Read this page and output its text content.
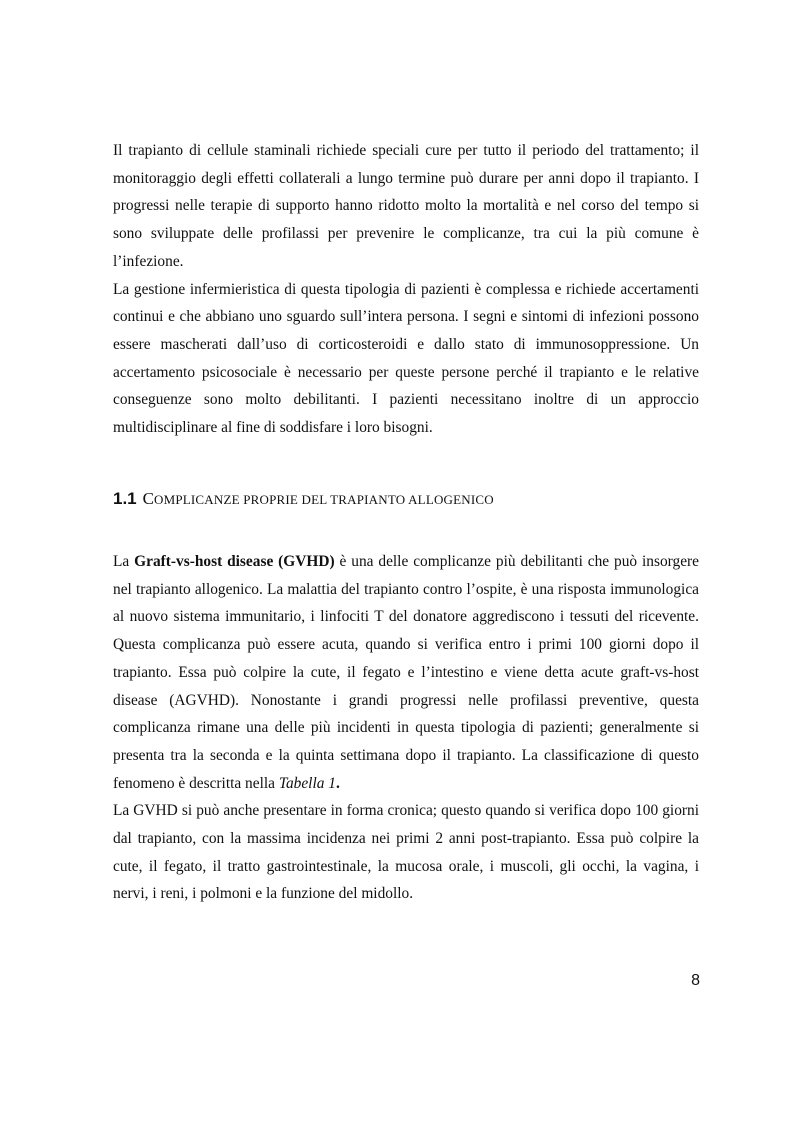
Il trapianto di cellule staminali richiede speciali cure per tutto il periodo del trattamento; il monitoraggio degli effetti collaterali a lungo termine può durare per anni dopo il trapianto. I progressi nelle terapie di supporto hanno ridotto molto la mortalità e nel corso del tempo si sono sviluppate delle profilassi per prevenire le complicanze, tra cui la più comune è l’infezione.

La gestione infermieristica di questa tipologia di pazienti è complessa e richiede accertamenti continui e che abbiano uno sguardo sull’intera persona. I segni e sintomi di infezioni possono essere mascherati dall’uso di corticosteroidi e dallo stato di immunosoppressione. Un accertamento psicosociale è necessario per queste persone perché il trapianto e le relative conseguenze sono molto debilitanti. I pazienti necessitano inoltre di un approccio multidisciplinare al fine di soddisfare i loro bisogni.

1.1 COMPLICANZE PROPRIE DEL TRAPIANTO ALLOGENICO

La Graft-vs-host disease (GVHD) è una delle complicanze più debilitanti che può insorgere nel trapianto allogenico. La malattia del trapianto contro l’ospite, è una risposta immunologica al nuovo sistema immunitario, i linfociti T del donatore aggrediscono i tessuti del ricevente. Questa complicanza può essere acuta, quando si verifica entro i primi 100 giorni dopo il trapianto. Essa può colpire la cute, il fegato e l’intestino e viene detta acute graft-vs-host disease (AGVHD). Nonostante i grandi progressi nelle profilassi preventive, questa complicanza rimane una delle più incidenti in questa tipologia di pazienti; generalmente si presenta tra la seconda e la quinta settimana dopo il trapianto. La classificazione di questo fenomeno è descritta nella Tabella 1.

La GVHD si può anche presentare in forma cronica; questo quando si verifica dopo 100 giorni dal trapianto, con la massima incidenza nei primi 2 anni post-trapianto. Essa può colpire la cute, il fegato, il tratto gastrointestinale, la mucosa orale, i muscoli, gli occhi, la vagina, i nervi, i reni, i polmoni e la funzione del midollo.

8
